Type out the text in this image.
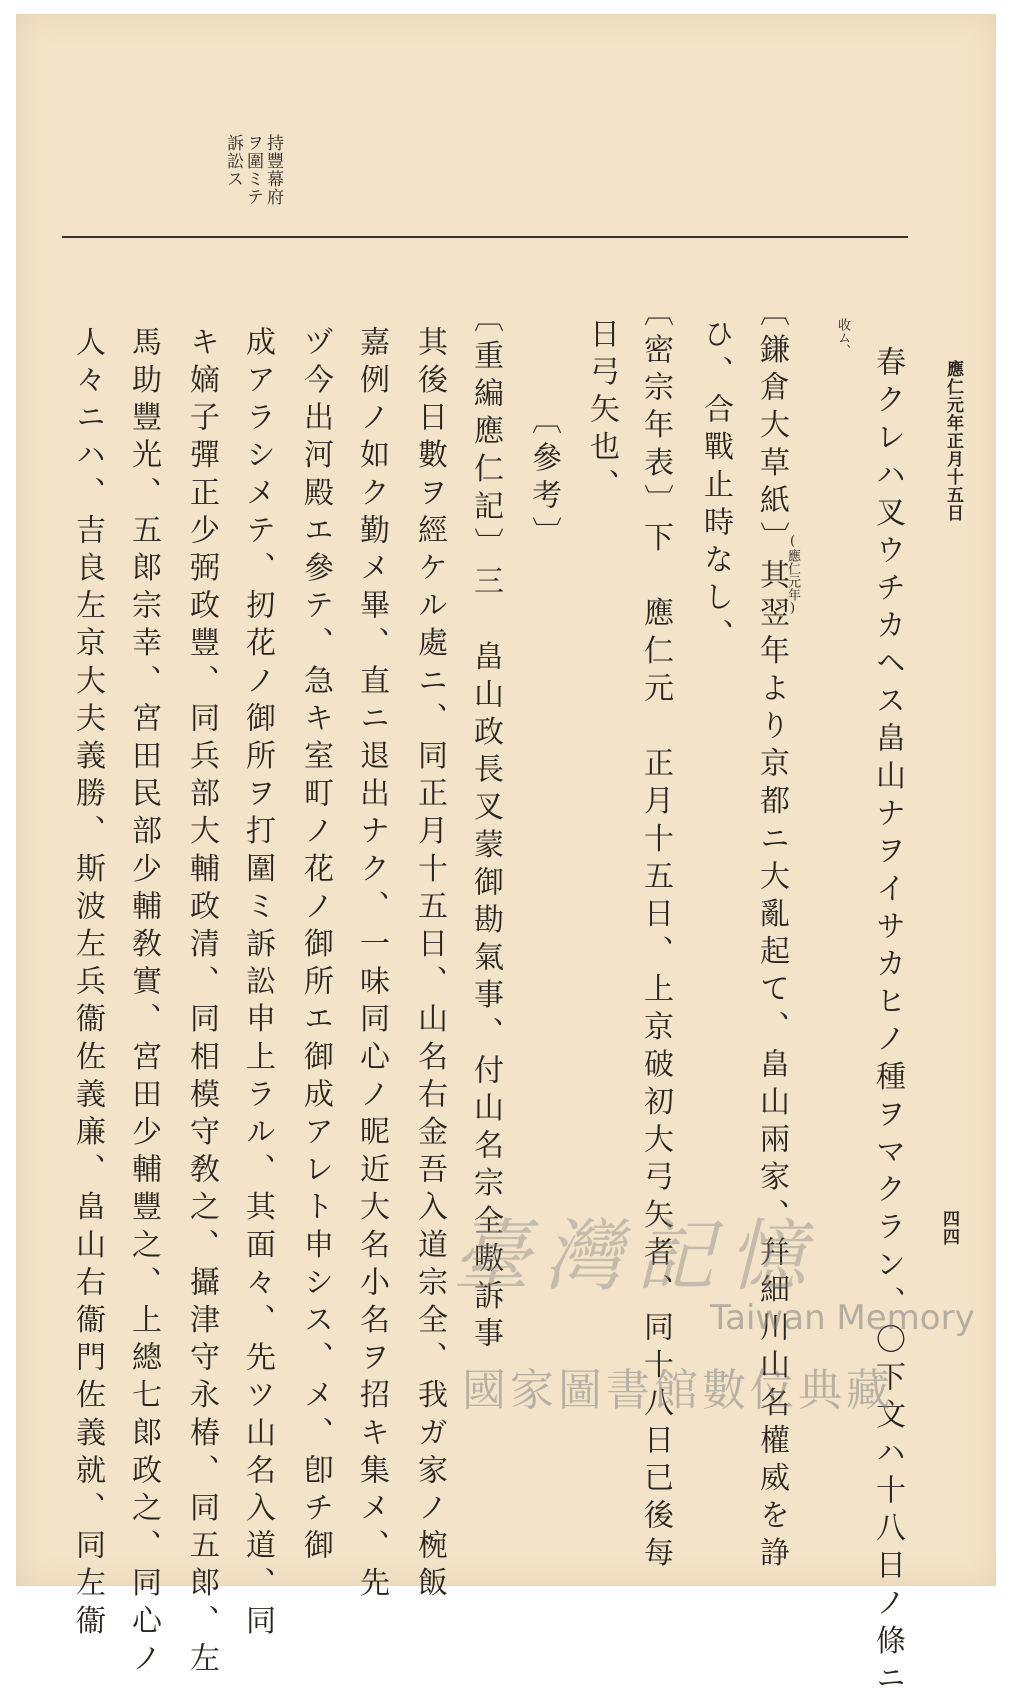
應仁元年正月十五日
四四
持豐幕府
ヲ圍ミテ
訴訟ス
春クレハ叉ウチカヘス畠山ナヲイサカヒノ種ヲマクラン、〇下文ハ十八日ノ條ニ
收ム、
〔鎌倉大草紙〕其翌年より京都ニ大亂起て、畠山兩家、幷細川山名權威を諍
(應仁元年)
ひ、合戰止時なし、
〔密宗年表〕下　應仁元　正月十五日、上京破初大弓矢者、同十八日已後每
日弓矢也、
〔參考〕
〔重編應仁記〕三　畠山政長叉蒙御勘氣事、付山名宗全嗷訴事
其後日數ヲ經ケル處ニ、同正月十五日、山名右金吾入道宗全、我ガ家ノ椀飯
嘉例ノ如ク勤メ畢、直ニ退出ナク、一味同心ノ昵近大名小名ヲ招キ集メ、先
ヅ今出河殿エ參テ、急キ室町ノ花ノ御所エ御成アレト申シス、メ、卽チ御
成アラシメテ、扨花ノ御所ヲ打圍ミ訴訟申上ラル、其面々、先ツ山名入道、同
キ嫡子彈正少弼政豐、同兵部大輔政清、同相模守敎之、攝津守永椿、同五郞、左
馬助豐光、五郞宗幸、宮田民部少輔敎實、宮田少輔豐之、上總七郞政之、同心ノ
人々ニハ、吉良左京大夫義勝、斯波左兵衞佐義廉、畠山右衞門佐義就、同左衞	臺灣記憶
Taiwan Memory
國家圖書館數位典藏
